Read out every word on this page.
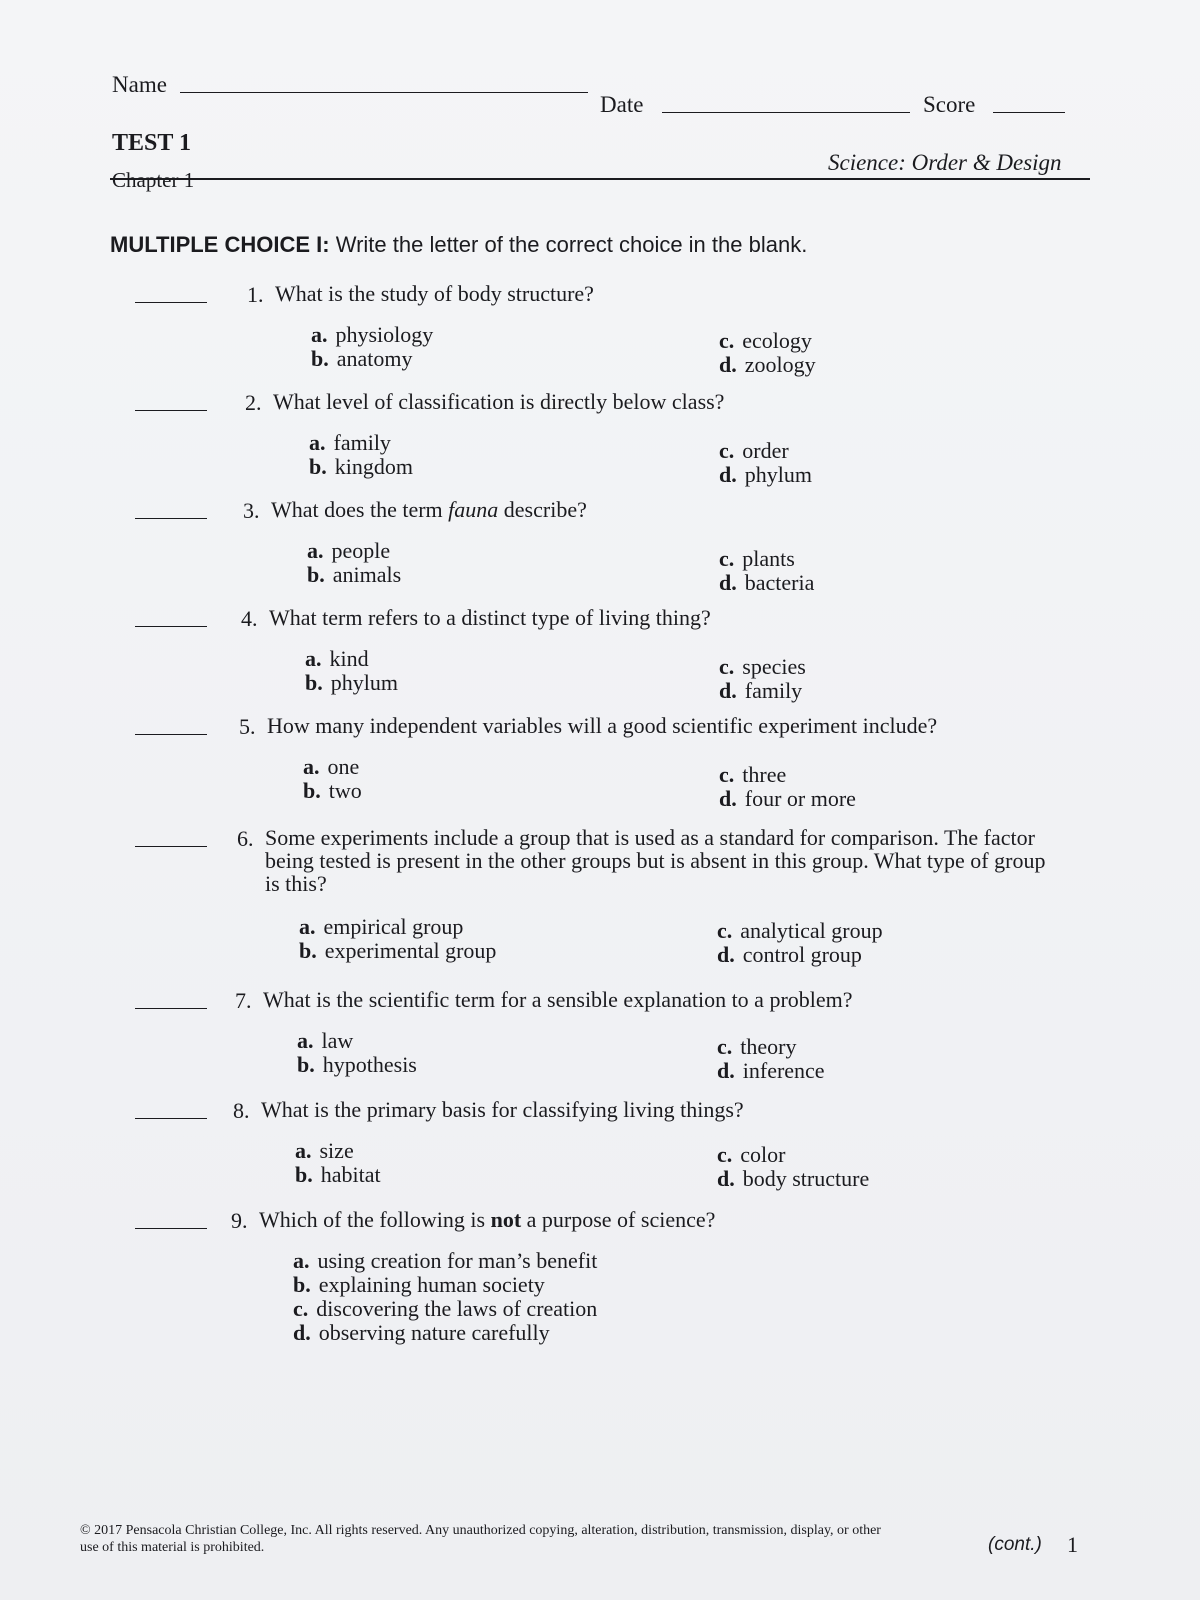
Name
Date	Score
TEST 1
Science: Order & Design
Chapter 1
MULTIPLE CHOICE I: Write the letter of the correct choice in the blank.
1. What is the study of body structure?
a. physiology
b. anatomy
c. ecology
d. zoology
2. What level of classification is directly below class?
a. family
b. kingdom
c. order
d. phylum
3. What does the term fauna describe?
a. people
b. animals
c. plants
d. bacteria
4. What term refers to a distinct type of living thing?
a. kind
b. phylum
c. species
d. family
5. How many independent variables will a good scientific experiment include?
a. one
b. two
c. three
d. four or more
6. Some experiments include a group that is used as a standard for comparison. The factor being tested is present in the other groups but is absent in this group. What type of group is this?
a. empirical group
b. experimental group
c. analytical group
d. control group
7. What is the scientific term for a sensible explanation to a problem?
a. law
b. hypothesis
c. theory
d. inference
8. What is the primary basis for classifying living things?
a. size
b. habitat
c. color
d. body structure
9. Which of the following is not a purpose of science?
a. using creation for man’s benefit
b. explaining human society
c. discovering the laws of creation
d. observing nature carefully
© 2017 Pensacola Christian College, Inc. All rights reserved. Any unauthorized copying, alteration, distribution, transmission, display, or other use of this material is prohibited.	(cont.) 1
